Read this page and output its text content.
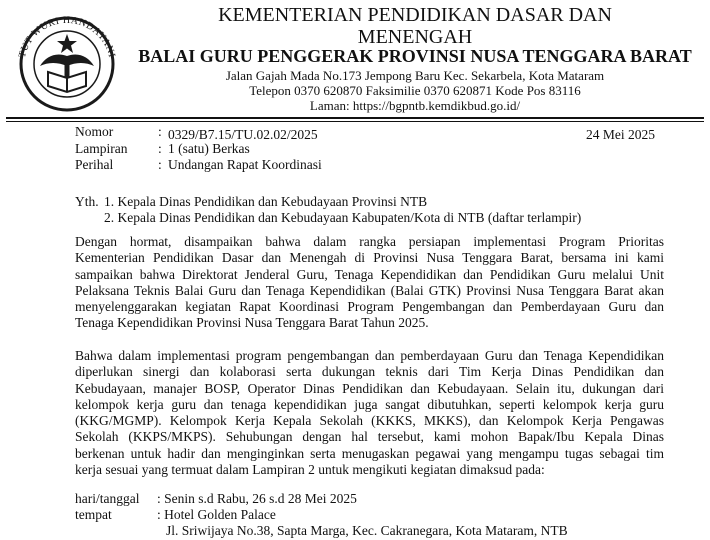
TUT WURI HANDAYANI
KEMENTERIAN PENDIDIKAN DASAR DAN
MENENGAH
BALAI GURU PENGGERAK PROVINSI NUSA TENGGARA BARAT
Jalan Gajah Mada No.173 Jempong Baru Kec. Sekarbela, Kota Mataram
Telepon 0370 620870 Faksimilie 0370 620871 Kode Pos 83116
Laman: https://bgpntb.kemdikbud.go.id/
Nomor	: 0329/B7.15/TU.02.02/2025	24 Mei 2025
Lampiran : 1 (satu) Berkas
Perihal	: Undangan Rapat Koordinasi
Yth. 1. Kepala Dinas Pendidikan dan Kebudayaan Provinsi NTB
2. Kepala Dinas Pendidikan dan Kebudayaan Kabupaten/Kota di NTB (daftar terlampir)
Dengan hormat, disampaikan bahwa dalam rangka persiapan implementasi Program Prioritas
Kementerian Pendidikan Dasar dan Menengah di Provinsi Nusa Tenggara Barat, bersama ini kami
sampaikan bahwa Direktorat Jenderal Guru, Tenaga Kependidikan dan Pendidikan Guru melalui Unit
Pelaksana Teknis Balai Guru dan Tenaga Kependidikan (Balai GTK) Provinsi Nusa Tenggara Barat akan
menyelenggarakan kegiatan Rapat Koordinasi Program Pengembangan dan Pemberdayaan Guru dan
Tenaga Kependidikan Provinsi Nusa Tenggara Barat Tahun 2025.
Bahwa dalam implementasi program pengembangan dan pemberdayaan Guru dan Tenaga Kependidikan
diperlukan sinergi dan kolaborasi serta dukungan teknis dari Tim Kerja Dinas Pendidikan dan
Kebudayaan, manajer BOSP, Operator Dinas Pendidikan dan Kebudayaan. Selain itu, dukungan dari
kelompok kerja guru dan tenaga kependidikan juga sangat dibutuhkan, seperti kelompok kerja guru
(KKG/MGMP). Kelompok Kerja Kepala Sekolah (KKKS, MKKS), dan Kelompok Kerja Pengawas
Sekolah (KKPS/MKPS). Sehubungan dengan hal tersebut, kami mohon Bapak/Ibu Kepala Dinas
berkenan untuk hadir dan menginginkan serta menugaskan pegawai yang mengampu tugas sebagai tim
kerja sesuai yang termuat dalam Lampiran 2 untuk mengikuti kegiatan dimaksud pada:
hari/tanggal : Senin s.d Rabu, 26 s.d 28 Mei 2025
tempat	: Hotel Golden Palace
Jl. Sriwijaya No.38, Sapta Marga, Kec. Cakranegara, Kota Mataram, NTB
